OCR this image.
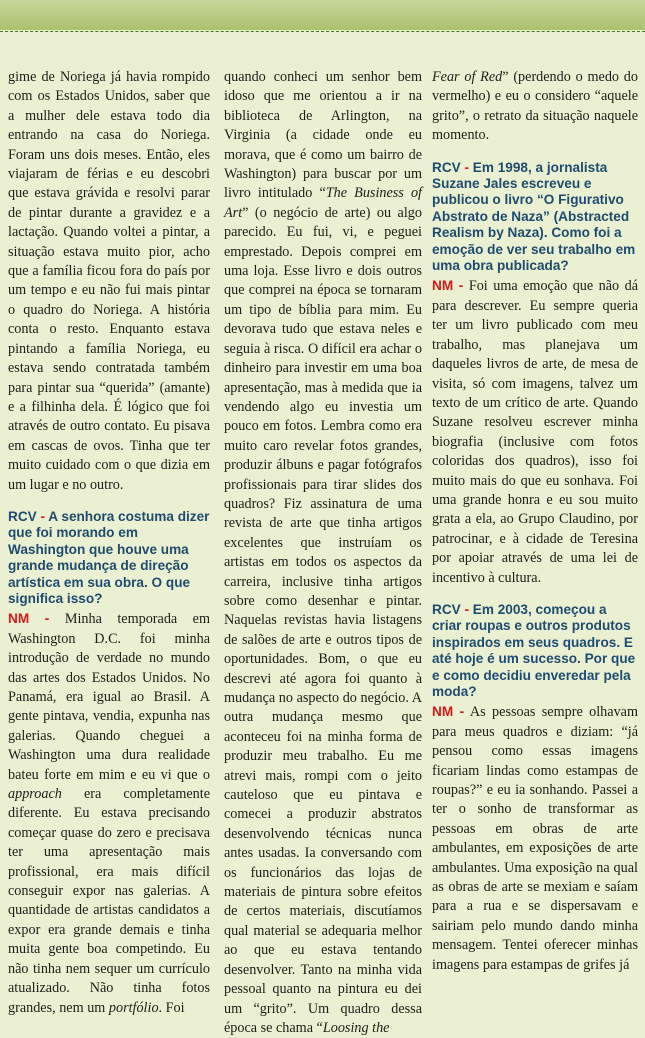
gime de Noriega já havia rompido com os Estados Unidos, saber que a mulher dele estava todo dia entrando na casa do Noriega. Foram uns dois meses. Então, eles viajaram de férias e eu descobri que estava grávida e resolvi parar de pintar durante a gravidez e a lactação. Quando voltei a pintar, a situação estava muito pior, acho que a família ficou fora do país por um tempo e eu não fui mais pintar o quadro do Noriega. A história conta o resto. Enquanto estava pintando a família Noriega, eu estava sendo contratada também para pintar sua “querida” (amante) e a filhinha dela. É lógico que foi através de outro contato. Eu pisava em cascas de ovos. Tinha que ter muito cuidado com o que dizia em um lugar e no outro.

RCV - A senhora costuma dizer que foi morando em Washington que houve uma grande mudança de direção artística em sua obra. O que significa isso?

NM - Minha temporada em Washington D.C. foi minha introdução de verdade no mundo das artes dos Estados Unidos. No Panamá, era igual ao Brasil. A gente pintava, vendia, expunha nas galerias. Quando cheguei a Washington uma dura realidade bateu forte em mim e eu vi que o approach era completamente diferente. Eu estava precisando começar quase do zero e precisava ter uma apresentação mais profissional, era mais difícil conseguir expor nas galerias. A quantidade de artistas candidatos a expor era grande demais e tinha muita gente boa competindo. Eu não tinha nem sequer um currículo atualizado. Não tinha fotos grandes, nem um portfólio. Foi

quando conheci um senhor bem idoso que me orientou a ir na biblioteca de Arlington, na Virginia (a cidade onde eu morava, que é como um bairro de Washington) para buscar por um livro intitulado “The Business of Art” (o negócio de arte) ou algo parecido. Eu fui, vi, e peguei emprestado. Depois comprei em uma loja. Esse livro e dois outros que comprei na época se tornaram um tipo de bíblia para mim. Eu devorava tudo que estava neles e seguia à risca. O difícil era achar o dinheiro para investir em uma boa apresentação, mas à medida que ia vendendo algo eu investia um pouco em fotos. Lembra como era muito caro revelar fotos grandes, produzir álbuns e pagar fotógrafos profissionais para tirar slides dos quadros? Fiz assinatura de uma revista de arte que tinha artigos excelentes que instruíam os artistas em todos os aspectos da carreira, inclusive tinha artigos sobre como desenhar e pintar. Naquelas revistas havia listagens de salões de arte e outros tipos de oportunidades. Bom, o que eu descrevi até agora foi quanto à mudança no aspecto do negócio. A outra mudança mesmo que aconteceu foi na minha forma de produzir meu trabalho. Eu me atrevi mais, rompi com o jeito cauteloso que eu pintava e comecei a produzir abstratos desenvolvendo técnicas nunca antes usadas. Ia conversando com os funcionários das lojas de materiais de pintura sobre efeitos de certos materiais, discutíamos qual material se adequaria melhor ao que eu estava tentando desenvolver. Tanto na minha vida pessoal quanto na pintura eu dei um “grito”. Um quadro dessa época se chama “Loosing the

Fear of Red” (perdendo o medo do vermelho) e eu o considero “aquele grito”, o retrato da situação naquele momento.

RCV - Em 1998, a jornalista Suzane Jales escreveu e publicou o livro “O Figurativo Abstrato de Naza” (Abstracted Realism by Naza). Como foi a emoção de ver seu trabalho em uma obra publicada?

NM - Foi uma emoção que não dá para descrever. Eu sempre queria ter um livro publicado com meu trabalho, mas planejava um daqueles livros de arte, de mesa de visita, só com imagens, talvez um texto de um crítico de arte. Quando Suzane resolveu escrever minha biografia (inclusive com fotos coloridas dos quadros), isso foi muito mais do que eu sonhava. Foi uma grande honra e eu sou muito grata a ela, ao Grupo Claudino, por patrocinar, e à cidade de Teresina por apoiar através de uma lei de incentivo à cultura.

RCV - Em 2003, começou a criar roupas e outros produtos inspirados em seus quadros. E até hoje é um sucesso. Por que e como decidiu enveredar pela moda?

NM - As pessoas sempre olhavam para meus quadros e diziam: “já pensou como essas imagens ficariam lindas como estampas de roupas?” e eu ia sonhando. Passei a ter o sonho de transformar as pessoas em obras de arte ambulantes, em exposições de arte ambulantes. Uma exposição na qual as obras de arte se mexiam e saíam para a rua e se dispersavam e sairiam pelo mundo dando minha mensagem. Tentei oferecer minhas imagens para estampas de grifes já
